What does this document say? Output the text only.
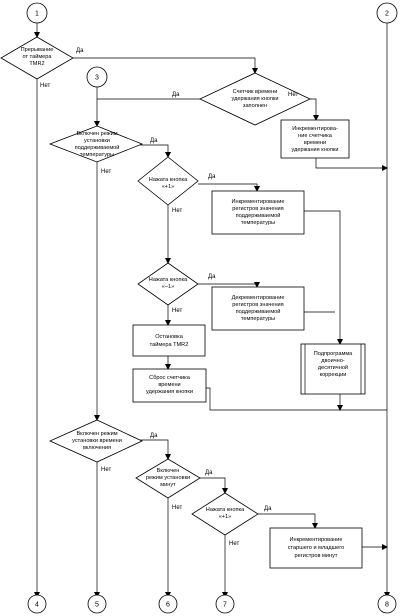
1	2
3
4	5	6	7	8
Прерывание
от таймера
TMR2
Счетчик времени
удержания кнопки
заполнен
Включен режим
установки
поддерживаемой
температуры
Нажата кнопка
«+1»
Нажата кнопка
«–1»
Включен режим
установки времени
включения
Включен
режим установки
минут
Нажата кнопка
«+1»
Инкрементирова-
ние счетчика
времени
удержания кнопки
Инкрементирование
регистров значения
поддерживаемой
температуры
Декрементирование
регистров значения
поддерживаемой
температуры
Остановка
таймера TMR2
Сброс счетчика
времени
удержания кнопки
Инкрементирование
старшего и младшего
регистров минут
Подпрограмма
двоично-
десятичной
коррекции
Да
Нет
Да	Нет
Да
Нет
Да
Нет
Да
Нет
Да
Нет	Да
Нет	Да
Нет
